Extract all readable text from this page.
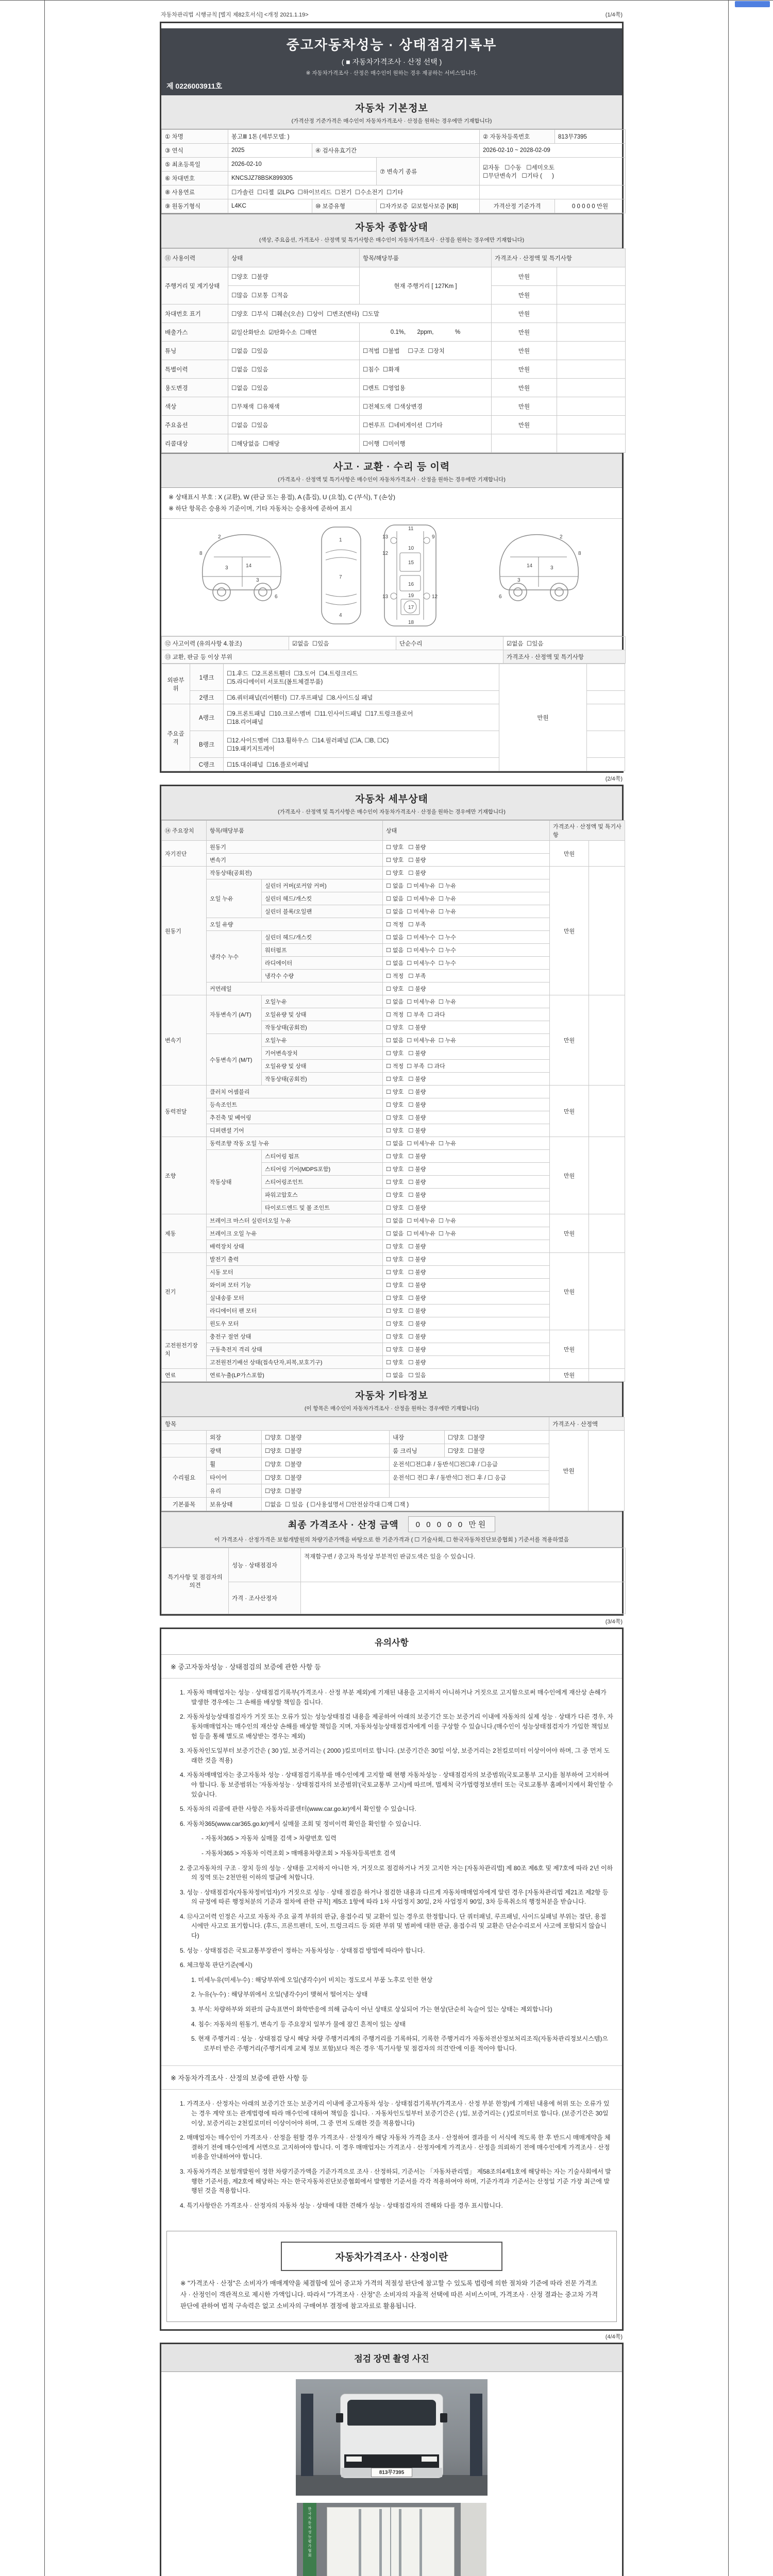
자동차관리법 시행규칙 [별지 제82호서식] <개정 2021.1.19>	(1/4쪽)
중고자동차성능 · 상태점검기록부
( ■ 자동차가격조사 · 산정 선택 )
※ 자동차가격조사 · 산정은 매수인이 원하는 경우 제공하는 서비스입니다.
제 0226003911호
자동차 기본정보
(가격산정 기준가격은 매수인이 자동차가격조사 · 산정을 원하는 경우에만 기재합니다)
① 차명	봉고Ⅲ 1톤 (세부모델: )			② 자동차등록번호	813무7395
③ 연식	2025	④ 검사유효기간		2026-02-10 ~ 2028-02-09	
⑤ 최초등록일	2026-02-10		⑦ 변속기 종류	☑자동   ☐수동   ☐세미오토
☐무단변속기   ☐기타 (      )	
⑥ 차대번호	KNCSJZ78BSK899305				
⑧ 사용연료	☐가솔린  ☐디젤  ☑LPG  ☐하이브리드  ☐전기  ☐수소전기  ☐기타				
⑨ 원동기형식	L4KC	⑩ 보증유형	☐자가보증  ☑보험사보증 [KB]	가격산정 기준가격	0 0 0 0 0 만원
자동차 종합상태
(색상, 주요옵션, 가격조사 · 산정액 및 특기사항은 매수인이 자동차가격조사 · 산정을 원하는 경우에만 기재합니다)
⑪ 사용이력	상태	항목/해당부품	가격조사 · 산정액 및 특기사항	
주행거리 및 계기상태	☐양호  ☐불량	현재 주행거리 [ 127Km ]	만원	
	☐많음  ☐보통  ☐적음		만원	
차대번호 표기	☐양호  ☐부식  ☐훼손(오손)  ☐상이  ☐변조(변타)  ☐도말		만원	
배출가스	☑일산화탄소  ☑탄화수소  ☐매연	0.1%,       2ppm,             %	만원	
튜닝	☐없음  ☐있음	☐적법  ☐불법 ☐구조  ☐장치	만원	
특별이력	☐없음  ☐있음	☐침수  ☐화재	만원	
용도변경	☐없음  ☐있음	☐렌트  ☐영업용	만원	
색상	☐무채색  ☐유채색	☐전체도색  ☐색상변경	만원	
주요옵션	☐없음  ☐있음	☐썬루프  ☐네비게이션  ☐기타	만원	
리콜대상	☐해당없음  ☐해당	☐이행  ☐미이행		
사고 · 교환 · 수리 등 이력
(가격조사 · 산정액 및 특기사항은 매수인이 자동차가격조사 · 산정을 원하는 경우에만 기재합니다)
※ 상태표시 부호 : X (교환), W (판금 또는 용접), A (흠집), U (요철), C (부식), T (손상)
※ 하단 항목은 승용차 기준이며, 기타 자동차는 승용차에 준하여 표시
2
8
3	14
3
6
1
7
4
11
13
12
10
15
16
19
13	12
17
18
9	2
8
3
14
3
6
⑫ 사고이력 (유의사항 4.참조)	☑없음  ☐있음	단순수리	☑없음  ☐있음
⑬ 교환, 판금 등 이상 부위			가격조사 · 산정액 및 특기사항
외판부위	1랭크	☐1.후드  ☐2.프론트휀더  ☐3.도어  ☐4.트렁크리드
☐5.라디에이터 서포트(볼트체결부품)	만원	
	2랭크	☐6.쿼터패널(리어휀더)  ☐7.루프패널  ☐8.사이드실 패널		
주요골격	A랭크	☐9.프론트패널  ☐10.크로스멤버  ☐11.인사이드패널  ☐17.트렁크플로어
☐18.리어패널		
	B랭크	☐12.사이드멤버  ☐13.휠하우스  ☐14.필러패널 (☐A, ☐B, ☐C)
☐19.패키지트레이		
	C랭크	☐15.대쉬패널  ☐16.플로어패널		
(2/4쪽)
자동차 세부상태
(가격조사 · 산정액 및 특기사항은 매수인이 자동차가격조사 · 산정을 원하는 경우에만 기재합니다)
⑭ 주요장치	항목/해당부품		상태	가격조사 · 산정액 및 특기사항	
자기진단	원동기		☐ 양호   ☐ 불량	만원	
	변속기		☐ 양호   ☐ 불량		
원동기	작동상태(공회전)		☐ 양호   ☐ 불량	만원	
	오일 누유	실린더 커버(로커암 커버)	☐ 없음  ☐ 미세누유  ☐ 누유		
		실린더 헤드/개스킷	☐ 없음  ☐ 미세누유  ☐ 누유		
		실린더 블록/오일팬	☐ 없음  ☐ 미세누유  ☐ 누유		
	오일 유량		☐ 적정   ☐ 부족		
	냉각수 누수	실린더 헤드/개스킷	☐ 없음  ☐ 미세누수  ☐ 누수		
		워터펌프	☐ 없음  ☐ 미세누수  ☐ 누수		
		라디에이터	☐ 없음  ☐ 미세누수  ☐ 누수		
		냉각수 수량	☐ 적정   ☐ 부족		
	커먼레일		☐ 양호   ☐ 불량		
변속기	자동변속기 (A/T)	오일누유	☐ 없음  ☐ 미세누유  ☐ 누유	만원	
		오일유량 및 상태	☐ 적정  ☐ 부족  ☐ 과다		
		작동상태(공회전)	☐ 양호   ☐ 불량		
	수동변속기 (M/T)	오일누유	☐ 없음  ☐ 미세누유  ☐ 누유		
		기어변속장치	☐ 양호   ☐ 불량		
		오일유량 및 상태	☐ 적정  ☐ 부족  ☐ 과다		
		작동상태(공회전)	☐ 양호   ☐ 불량		
동력전달	클러치 어셈블리		☐ 양호   ☐ 불량	만원	
	등속조인트		☐ 양호   ☐ 불량		
	추진축 및 베어링		☐ 양호   ☐ 불량		
	디퍼렌셜 기어		☐ 양호   ☐ 불량		
조향	동력조향 작동 오일 누유		☐ 없음  ☐ 미세누유  ☐ 누유	만원	
	작동상태	스티어링 펌프	☐ 양호   ☐ 불량		
		스티어링 기어(MDPS포함)	☐ 양호   ☐ 불량		
		스티어링조인트	☐ 양호   ☐ 불량		
		파워고압호스	☐ 양호   ☐ 불량		
		타이로드엔드 및 볼 조인트	☐ 양호   ☐ 불량		
제동	브레이크 마스터 실린더오일 누유		☐ 없음  ☐ 미세누유  ☐ 누유	만원	
	브레이크 오일 누유		☐ 없음  ☐ 미세누유  ☐ 누유		
	배력장치 상태		☐ 양호   ☐ 불량		
전기	발전기 출력		☐ 양호   ☐ 불량	만원	
	시동 모터		☐ 양호   ☐ 불량		
	와이퍼 모터 기능		☐ 양호   ☐ 불량		
	실내송풍 모터		☐ 양호   ☐ 불량		
	라디에이터 팬 모터		☐ 양호   ☐ 불량		
	윈도우 모터		☐ 양호   ☐ 불량		
고전원전기장치	충전구 절연 상태		☐ 양호   ☐ 불량	만원	
	구동축전지 격리 상태		☐ 양호   ☐ 불량		
	고전원전기배선 상태(접속단자,피복,보호기구)		☐ 양호   ☐ 불량		
연료	연료누출(LP가스포함)		☐ 없음   ☐ 있음	만원	
자동차 기타정보
(이 항목은 매수인이 자동차가격조사 · 산정을 원하는 경우에만 기재합니다)
항목					가격조사 · 산정액	
	외장	☐양호  ☐불량	내장	☐양호  ☐불량	만원	
	광택	☐양호  ☐불량	룸 크리닝	☐양호  ☐불량		
수리필요	휠	☐양호  ☐불량	운전석☐전☐후 / 동반석☐전☐후 / ☐응급			
	타이어	☐양호  ☐불량	운전석☐ 전☐ 후 / 동반석☐ 전☐ 후 / ☐ 응급			
	유리	☐양호  ☐불량				
기본품목	보유상태	☐없음  ☐ 있음  ( ☐사용설명서 ☐안전삼각대 ☐잭 ☐잭 )				
최종 가격조사 · 산정 금액	0 0 0 0 0 만원
이 가격조사 · 산정가격은 보험개발원의 차량기준가액을 바탕으로 한 기준가격과 ( ☐ 기술사회, ☐ 한국자동차진단보증협회 ) 기준서를 적용하였음
특기사항 및 점검자의 의견	성능 · 상태점검자	적재함구변 / 중고차 특성상 부분적인 판금도색은 있을 수 있습니다.
	가격 · 조사산정자	
(3/4쪽)
유의사항
※ 중고자동차성능 · 상태점검의 보증에 관한 사항 등
1. 자동차 매매업자는 성능 · 상태점검기록부(가격조사 · 산정 부분 제외)에 기재된 내용을 고지하지 아니하거나 거짓으로 고지함으로써 매수인에게 재산상 손해가 발생한 경우에는 그 손해를 배상할 책임을 집니다.
2. 자동차성능상태점검자가 거짓 또는 오류가 있는 성능상태점검 내용을 제공하여 아래의 보증기간 또는 보증거리 이내에 자동차의 실제 성능 · 상태가 다른 경우, 자동차매매업자는 매수인의 재산상 손해를 배상할 책임을 지며, 자동차성능상태점검자에게 이를 구상할 수 있습니다.(매수인이 성능상태점검자가 가입한 책임보험 등을 통해 별도로 배상받는 경우는 제외)
3. 자동차인도일부터 보증기간은 ( 30 )일, 보증거리는 ( 2000 )킬로미터로 합니다. (보증기간은 30일 이상, 보증거리는 2천킬로미터 이상이어야 하며, 그 중 먼저 도래한 것을 적용)
4. 자동차매매업자는 중고자동차 성능 · 상태점검기록부를 매수인에게 고지할 때 현행 자동차성능 · 상태점검자의 보증범위(국토교통부 고시)를 첨부하여 고지하여야 합니다. 동 보증범위는 '자동차성능 · 상태점검자의 보증범위'(국토교통부 고시)에 따르며, 법제처 국가법령정보센터 또는 국토교통부 홈페이지에서 확인할 수 있습니다.
5. 자동차의 리콜에 관한 사항은 자동차리콜센터(www.car.go.kr)에서 확인할 수 있습니다.
6. 자동차365(www.car365.go.kr)에서 실매물 조회 및 정비이력 확인을 확인할 수 있습니다.
- 자동차365 > 자동차 실매물 검색 > 차량번호 입력
- 자동차365 > 자동차 이력조회 > 매매용차량조회 > 자동차등록번호 검색
2. 중고자동차의 구조 · 장치 등의 성능 · 상태를 고지하지 아니한 자, 거짓으로 점검하거나 거짓 고지한 자는 [자동차관리법] 제 80조 제6호 및 제7호에 따라 2년 이하의 징역 또는 2천만원 이하의 벌금에 처합니다.
3. 성능 · 상태점검자(자동차정비업자)가 거짓으로 성능 · 상태 점검을 하거나 점검한 내용과 다르게 자동차매매업자에게 알린 경우 [자동차관리법 제21조 제2항 등의 규정에 따른 행정처분의 기준과 절차에 관한 규칙] 제5조 1항에 따라 1차 사업정지 30일, 2차 사업정지 90일, 3차 등록취소의 행정처분을 받습니다.
4. ⑫사고이력 인정은 사고로 자동차 주요 골격 부위의 판금, 용접수리 및 교환이 있는 경우로 한정합니다. 단 쿼터패널, 루프패널, 사이드실패널 부위는 절단, 용접 시에만 사고로 표기합니다. (후드, 프론트펜더, 도어, 트렁크리드 등 외판 부위 및 범퍼에 대한 판금, 용접수리 및 교환은 단순수리로서 사고에 포함되지 않습니다)
5. 성능 · 상태점검은 국토교통부장관이 정하는 자동차성능 · 상태점검 방법에 따라야 합니다.
6. 체크항목 판단기준(예시)
1. 미세누유(미세누수) : 해당부위에 오일(냉각수)이 비치는 정도로서 부품 노후로 인한 현상
2. 누유(누수) : 해당부위에서 오일(냉각수)이 맺혀서 떨어지는 상태
3. 부식: 차량하부와 외판의 금속표면이 화학반응에 의해 금속이 아닌 상태로 상실되어 가는 현상(단순히 녹슬어 있는 상태는 제외합니다)
4. 침수: 자동차의 원동기, 변속기 등 주요장치 일부가 물에 잠긴 흔적이 있는 상태
5. 현재 주행거리 : 성능 · 상태점검 당시 해당 차량 주행거리계의 주행거리를 기록하되, 기록한 주행거리가 자동차전산정보처리조직(자동차관리정보시스템)으로부터 받은 주행거리(주행거리계 교체 정보 포함)보다 적은 경우 '특기사항 및 점검자의 의견'란에 이를 적어야 합니다.
※ 자동차가격조사 · 산정의 보증에 관한 사항 등
1. 가격조사 · 산정자는 아래의 보증기간 또는 보증거리 이내에 중고자동차 성능 · 상태점검기록부(가격조사 · 산정 부분 한정)에 기재된 내용에 허위 또는 오류가 있는 경우 계약 또는 관계법령에 따라 매수인에 대하여 책임을 집니다. · 자동차인도일부터 보증기간은 ( )일, 보증거리는 ( )킬로미터로 합니다. (보증기간은 30일 이상, 보증거리는 2천킬로미터 이상이어야 하며, 그 중 먼저 도래한 것을 적용합니다)
2. 매매업자는 매수인이 가격조사 · 산정을 원할 경우 가격조사 · 산정자가 해당 자동차 가격을 조사 · 산정하여 결과를 이 서식에 적도록 한 후 반드시 매매계약을 체결하기 전에 매수인에게 서면으로 고지하여야 합니다. 이 경우 매매업자는 가격조사 · 산정자에게 가격조사 · 산정을 의뢰하기 전에 매수인에게 가격조사 · 산정 비용을 안내하여야 합니다.
3. 자동차가격은 보험개발원이 정한 차량기준가액을 기준가격으로 조사 · 산정하되, 기준서는 「자동차관리법」 제58조의4제1호에 해당하는 자는 기술사회에서 발행한 기준서를, 제2호에 해당하는 자는 한국자동차진단보증협회에서 발행한 기준서를 각각 적용하여야 하며, 기준가격과 기준서는 산정일 기준 가장 최근에 발행된 것을 적용합니다.
4. 특기사항란은 가격조사 · 산정자의 자동차 성능 · 상태에 대한 견해가 성능 · 상태점검자의 견해와 다를 경우 표시합니다.
자동차가격조사 · 산정이란
※ "가격조사 · 산정"은 소비자가 매매계약을 체결함에 있어 중고차 가격의 적절성 판단에 참고할 수 있도록 법령에 의한 절차와 기준에 따라 전문 가격조사 · 산정인이 객관적으로 제시한 가액입니다. 따라서 "가격조사 · 산정"은 소비자의 자율적 선택에 따른 서비스이며, 가격조사 · 산정 결과는 중고차 가격판단에 관하여 법적 구속력은 없고 소비자의 구매여부 결정에 참고자료로 활용됩니다.
(4/4쪽)
점검 장면 촬영 사진
813무7395
한국자동차성능평가협회
